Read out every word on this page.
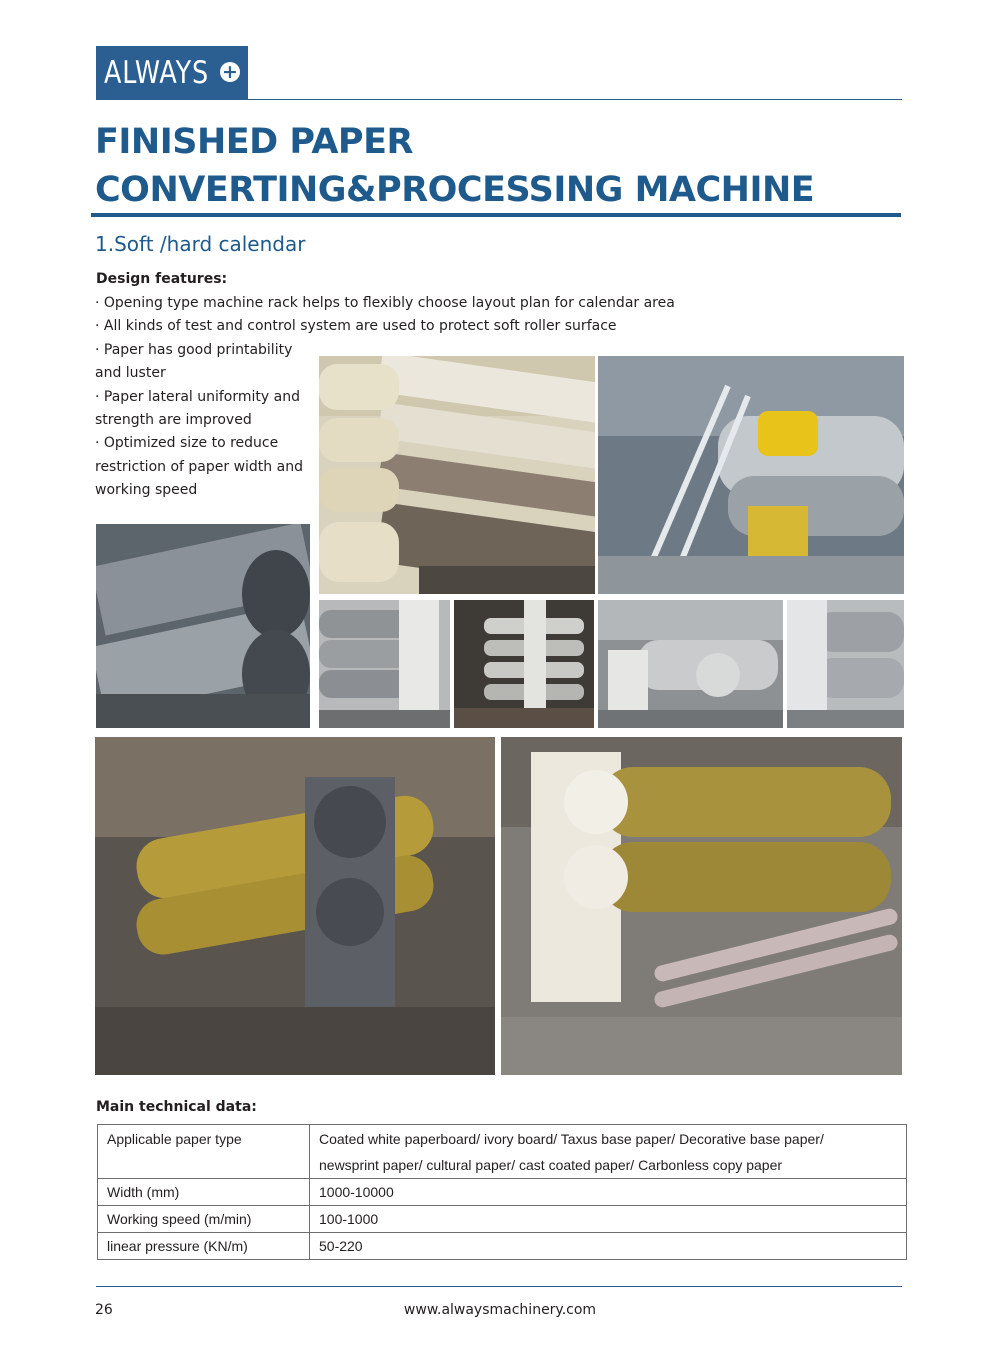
ALWAYS +
FINISHED PAPER
CONVERTING&PROCESSING MACHINE
1.Soft /hard calendar
Design features:
· Opening type machine rack helps to flexibly choose layout plan for calendar area
· All kinds of test and control system are used to protect soft roller surface
· Paper has good printability
and luster
· Paper lateral uniformity and
strength are improved
· Optimized size to reduce
restriction of paper width and
working speed
Main technical data:
Applicable paper type	Coated white paperboard/ ivory board/ Taxus base paper/ Decorative base paper/
newsprint paper/ cultural paper/ cast coated paper/ Carbonless copy paper

Width (mm)	1000-10000
Working speed (m/min)	100-1000
linear pressure (KN/m)	50-220
26	www.alwaysmachinery.com
